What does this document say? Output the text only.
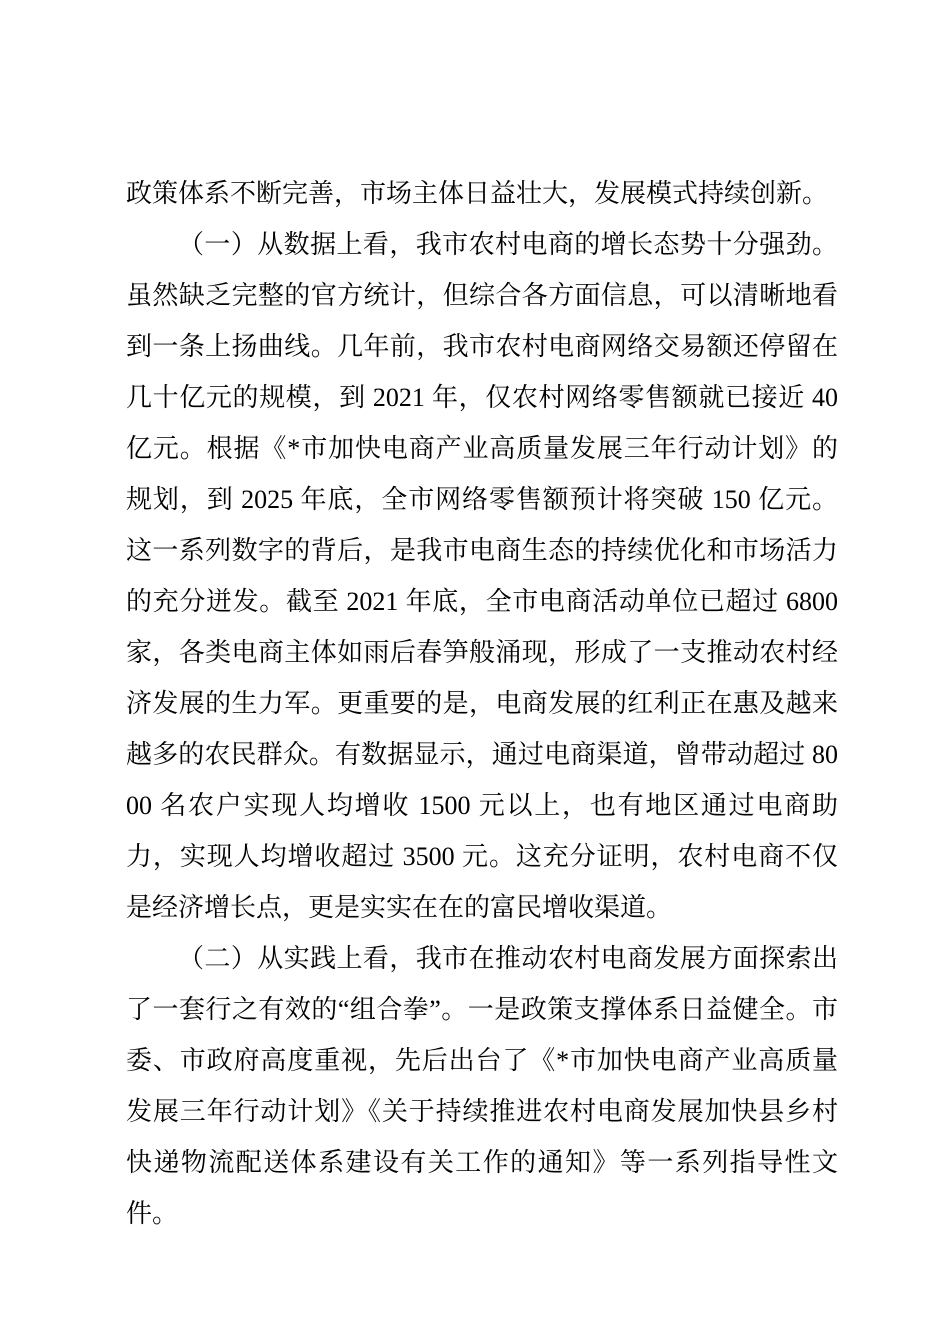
政策体系不断完善，市场主体日益壮大，发展模式持续创新。

（一）从数据上看，我市农村电商的增长态势十分强劲。虽然缺乏完整的官方统计，但综合各方面信息，可以清晰地看到一条上扬曲线。几年前，我市农村电商网络交易额还停留在几十亿元的规模，到 2021 年，仅农村网络零售额就已接近 40 亿元。根据《*市加快电商产业高质量发展三年行动计划》的规划，到 2025 年底，全市网络零售额预计将突破 150 亿元。这一系列数字的背后，是我市电商生态的持续优化和市场活力的充分迸发。截至 2021 年底，全市电商活动单位已超过 6800 家，各类电商主体如雨后春笋般涌现，形成了一支推动农村经济发展的生力军。更重要的是，电商发展的红利正在惠及越来越多的农民群众。有数据显示，通过电商渠道，曾带动超过 8000 名农户实现人均增收 1500 元以上，也有地区通过电商助力，实现人均增收超过 3500 元。这充分证明，农村电商不仅是经济增长点，更是实实在在的富民增收渠道。

（二）从实践上看，我市在推动农村电商发展方面探索出了一套行之有效的“组合拳”。一是政策支撑体系日益健全。市委、市政府高度重视，先后出台了《*市加快电商产业高质量发展三年行动计划》《关于持续推进农村电商发展加快县乡村快递物流配送体系建设有关工作的通知》等一系列指导性文件。
